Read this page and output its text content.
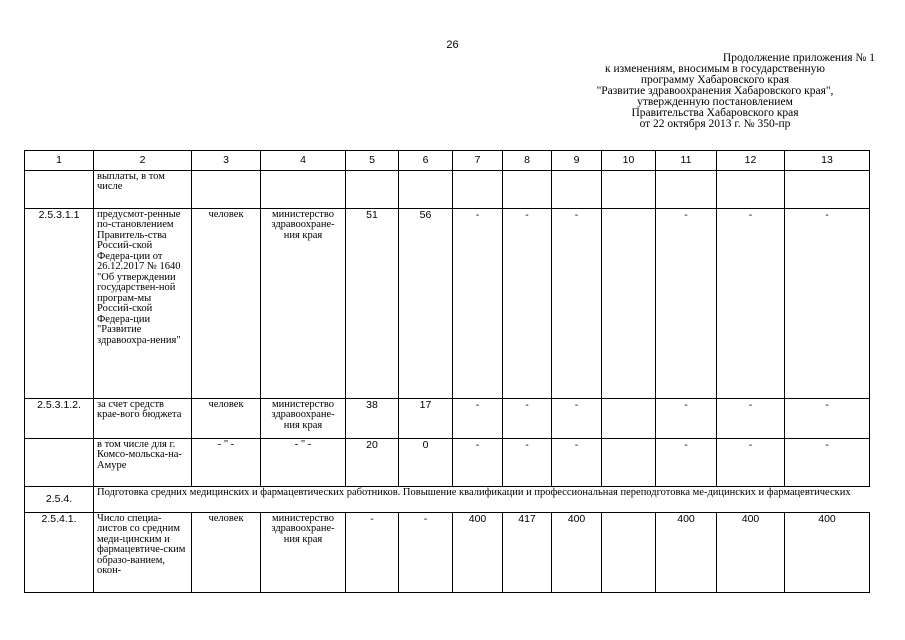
26
Продолжение приложения № 1
к изменениям, вносимым в государственную
программу Хабаровского края
"Развитие здравоохранения Хабаровского края",
утвержденную постановлением
Правительства Хабаровского края
от 22 октября 2013 г. № 350-пр
1	2	3	4	5	6	7	8	9	10	11	12	13
	выплаты, в том числе											
2.5.3.1.1	предусмот-ренные по-становлением Правитель-ства Россий-ской Федера-ции от 26.12.2017 № 1640 "Об утверждении государствен-ной програм-мы Россий-ской Федера-ции "Развитие здравоохра-нения"	человек	министерство здравоохране-ния края	51	56	-	-	-		-	-	-
2.5.3.1.2.	за счет средств крае-вого бюджета	человек	министерство здравоохране-ния края	38	17	-	-	-		-	-	-
	в том числе для г. Комсо-мольска-на-Амуре	- " -	- " -	20	0	-	-	-		-	-	-
2.5.4.	Подготовка средних медицинских и фармацевтических работников. Повышение квалификации и профессиональная переподготовка ме-дицинских и фармацевтических											
2.5.4.1.	Число специа-листов со средним меди-цинским и фармацевтиче-ским образо-ванием, окон-	человек	министерство здравоохране-ния края	-	-	400	417	400		400	400	400
